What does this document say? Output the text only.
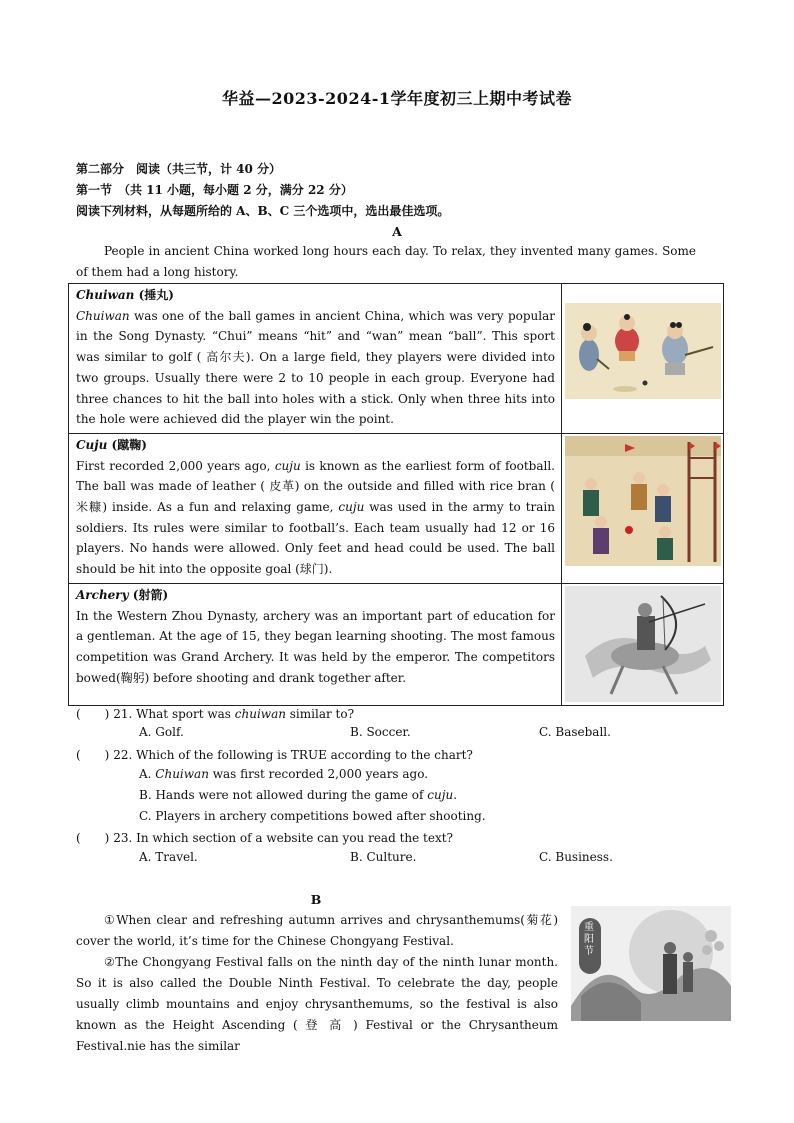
华益—2023-2024-1学年度初三上期中考试卷
第二部分　阅读（共三节，计 40 分）
第一节　（共 11 小题，每小题 2 分，满分 22 分）
阅读下列材料，从每题所给的 A、B、C 三个选项中，选出最佳选项。
A
People in ancient China worked long hours each day. To relax, they invented many games. Some of them had a long history.
Chuiwan (捶丸)
Chuiwan was one of the ball games in ancient China, which was very popular in the Song Dynasty. “Chui” means “hit” and “wan” mean “ball”. This sport was similar to golf ( 高尔夫). On a large field, they players were divided into two groups. Usually there were 2 to 10 people in each group. Everyone had three chances to hit the ball into holes with a stick. Only when three hits into the hole were achieved did the player win the point.

Cuju (蹴鞠)
First recorded 2,000 years ago, cuju is known as the earliest form of football. The ball was made of leather ( 皮革) on the outside and filled with rice bran ( 米糠) inside. As a fun and relaxing game, cuju was used in the army to train soldiers. Its rules were similar to football’s. Each team usually had 12 or 16 players. No hands were allowed. Only feet and head could be used. The ball should be hit into the opposite goal (球门).

Archery (射箭)
In the Western Zhou Dynasty, archery was an important part of education for a gentleman. At the age of 15, they began learning shooting. The most famous competition was Grand Archery. It was held by the emperor. The competitors bowed(鞠躬) before shooting and drank together after.

(　　) 21. What sport was chuiwan similar to?
A. Golf.	B. Soccer.	C. Baseball.
(　　) 22. Which of the following is TRUE according to the chart?
A. Chuiwan was first recorded 2,000 years ago.
B. Hands were not allowed during the game of cuju.
C. Players in archery competitions bowed after shooting.
(　　) 23. In which section of a website can you read the text?
A. Travel.	B. Culture.	C. Business.
B
①When clear and refreshing autumn arrives and chrysanthemums(菊花) cover the world, it’s time for the Chinese Chongyang Festival.
②The Chongyang Festival falls on the ninth day of the ninth lunar month. So it is also called the Double Ninth Festival. To celebrate the day, people usually climb mountains and enjoy chrysanthemums, so the festival is also known as the Height Ascending ( 登 高 ) Festival or the Chrysantheum Festival.nie has the similar
重阳节
